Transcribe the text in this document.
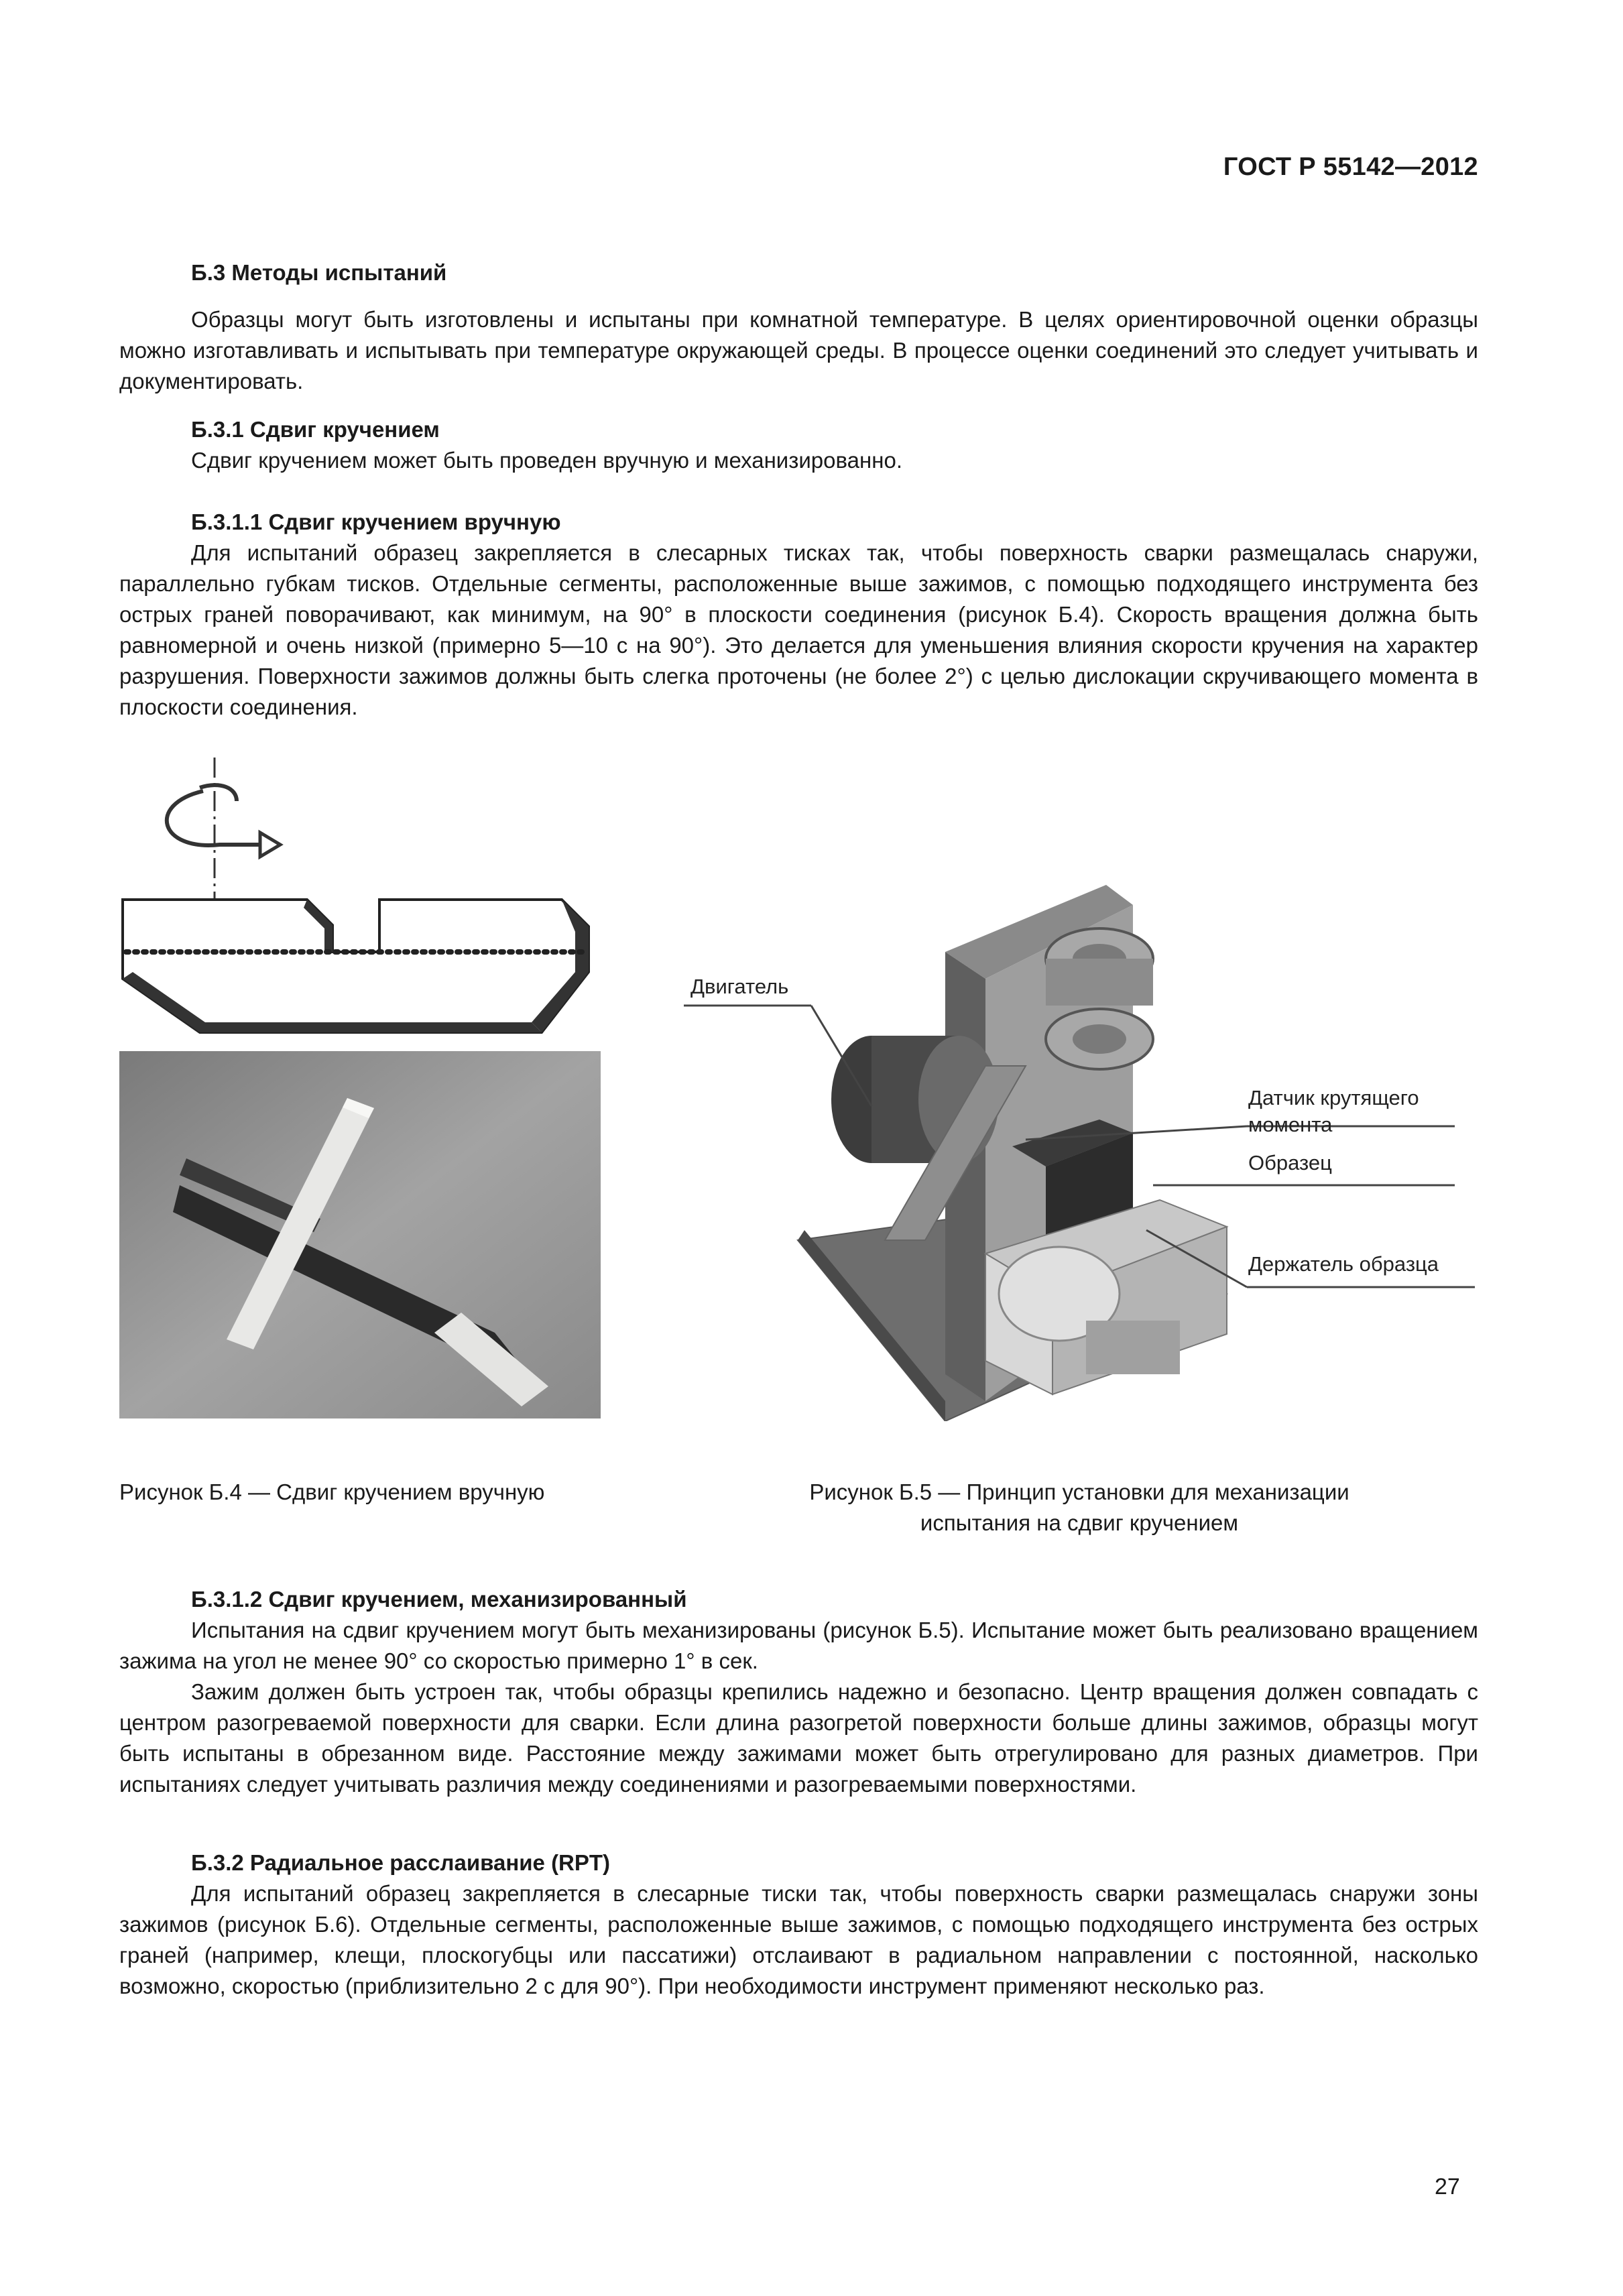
ГОСТ Р 55142—2012
Б.3 Методы испытаний

Образцы могут быть изготовлены и испытаны при комнатной температуре. В целях ориентировочной оценки образцы можно изготавливать и испытывать при температуре окружающей среды. В процессе оценки соединений это следует учитывать и документировать.

Б.3.1 Сдвиг кручением

Сдвиг кручением может быть проведен вручную и механизированно.

Б.3.1.1 Сдвиг кручением вручную

Для испытаний образец закрепляется в слесарных тисках так, чтобы поверхность сварки размещалась снаружи, параллельно губкам тисков. Отдельные сегменты, расположенные выше зажимов, с помощью подходящего инструмента без острых граней поворачивают, как минимум, на 90° в плоскости соединения (рисунок Б.4). Скорость вращения должна быть равномерной и очень низкой (примерно 5—10 с на 90°). Это делается для уменьшения влияния скорости кручения на характер разрушения. Поверхности зажимов должны быть слегка проточены (не более 2°) с целью дислокации скручивающего момента в плоскости соединения.

Двигатель
Датчик крутящего
момента
Образец
Держатель образца
Рисунок Б.4 — Сдвиг кручением вручную	Рисунок Б.5 — Принцип установки для механизации
испытания на сдвиг кручением
Б.3.1.2 Сдвиг кручением, механизированный

Испытания на сдвиг кручением могут быть механизированы (рисунок Б.5). Испытание может быть реализовано вращением зажима на угол не менее 90° со скоростью примерно 1° в сек.

Зажим должен быть устроен так, чтобы образцы крепились надежно и безопасно. Центр вращения должен совпадать с центром разогреваемой поверхности для сварки. Если длина разогретой поверхности больше длины зажимов, образцы могут быть испытаны в обрезанном виде. Расстояние между зажимами может быть отрегулировано для разных диаметров. При испытаниях следует учитывать различия между соединениями и разогреваемыми поверхностями.

Б.3.2 Радиальное расслаивание (RPT)

Для испытаний образец закрепляется в слесарные тиски так, чтобы поверхность сварки размещалась снаружи зоны зажимов (рисунок Б.6). Отдельные сегменты, расположенные выше зажимов, с помощью подходящего инструмента без острых граней (например, клещи, плоскогубцы или пассатижи) отслаивают в радиальном направлении с постоянной, насколько возможно, скоростью (приблизительно 2 с для 90°). При необходимости инструмент применяют несколько раз.

27
